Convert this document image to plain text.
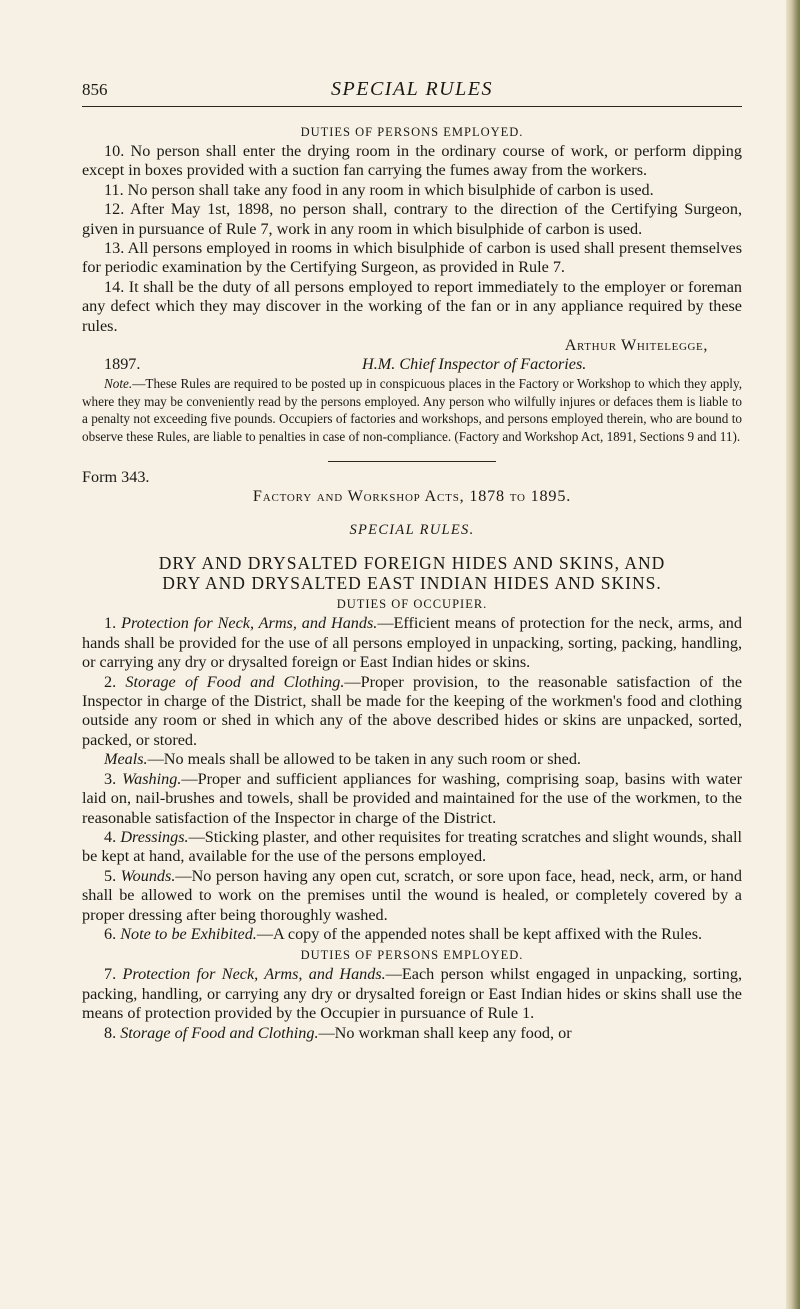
856	SPECIAL RULES

DUTIES OF PERSONS EMPLOYED.

10. No person shall enter the drying room in the ordinary course of work, or perform dipping except in boxes provided with a suction fan carrying the fumes away from the workers.

11. No person shall take any food in any room in which bisulphide of carbon is used.

12. After May 1st, 1898, no person shall, contrary to the direction of the Certifying Surgeon, given in pursuance of Rule 7, work in any room in which bisulphide of carbon is used.

13. All persons employed in rooms in which bisulphide of carbon is used shall present themselves for periodic examination by the Certifying Surgeon, as provided in Rule 7.

14. It shall be the duty of all persons employed to report immediately to the employer or foreman any defect which they may discover in the working of the fan or in any appliance required by these rules.

Arthur Whitelegge,

1897.	H.M. Chief Inspector of Factories.

Note.—These Rules are required to be posted up in conspicuous places in the Factory or Workshop to which they apply, where they may be conveniently read by the persons employed. Any person who wilfully injures or defaces them is liable to a penalty not exceeding five pounds. Occupiers of factories and workshops, and persons employed therein, who are bound to observe these Rules, are liable to penalties in case of non-compliance. (Factory and Workshop Act, 1891, Sections 9 and 11).

Form 343.

Factory and Workshop Acts, 1878 to 1895.

SPECIAL RULES.

DRY AND DRYSALTED FOREIGN HIDES AND SKINS, AND

DRY AND DRYSALTED EAST INDIAN HIDES AND SKINS.

DUTIES OF OCCUPIER.

1. Protection for Neck, Arms, and Hands.—Efficient means of protection for the neck, arms, and hands shall be provided for the use of all persons employed in unpacking, sorting, packing, handling, or carrying any dry or drysalted foreign or East Indian hides or skins.

2. Storage of Food and Clothing.—Proper provision, to the reasonable satisfaction of the Inspector in charge of the District, shall be made for the keeping of the workmen's food and clothing outside any room or shed in which any of the above described hides or skins are unpacked, sorted, packed, or stored.

Meals.—No meals shall be allowed to be taken in any such room or shed.

3. Washing.—Proper and sufficient appliances for washing, comprising soap, basins with water laid on, nail-brushes and towels, shall be provided and maintained for the use of the workmen, to the reasonable satisfaction of the Inspector in charge of the District.

4. Dressings.—Sticking plaster, and other requisites for treating scratches and slight wounds, shall be kept at hand, available for the use of the persons employed.

5. Wounds.—No person having any open cut, scratch, or sore upon face, head, neck, arm, or hand shall be allowed to work on the premises until the wound is healed, or completely covered by a proper dressing after being thoroughly washed.

6. Note to be Exhibited.—A copy of the appended notes shall be kept affixed with the Rules.

DUTIES OF PERSONS EMPLOYED.

7. Protection for Neck, Arms, and Hands.—Each person whilst engaged in unpacking, sorting, packing, handling, or carrying any dry or drysalted foreign or East Indian hides or skins shall use the means of protection provided by the Occupier in pursuance of Rule 1.

8. Storage of Food and Clothing.—No workman shall keep any food, or
